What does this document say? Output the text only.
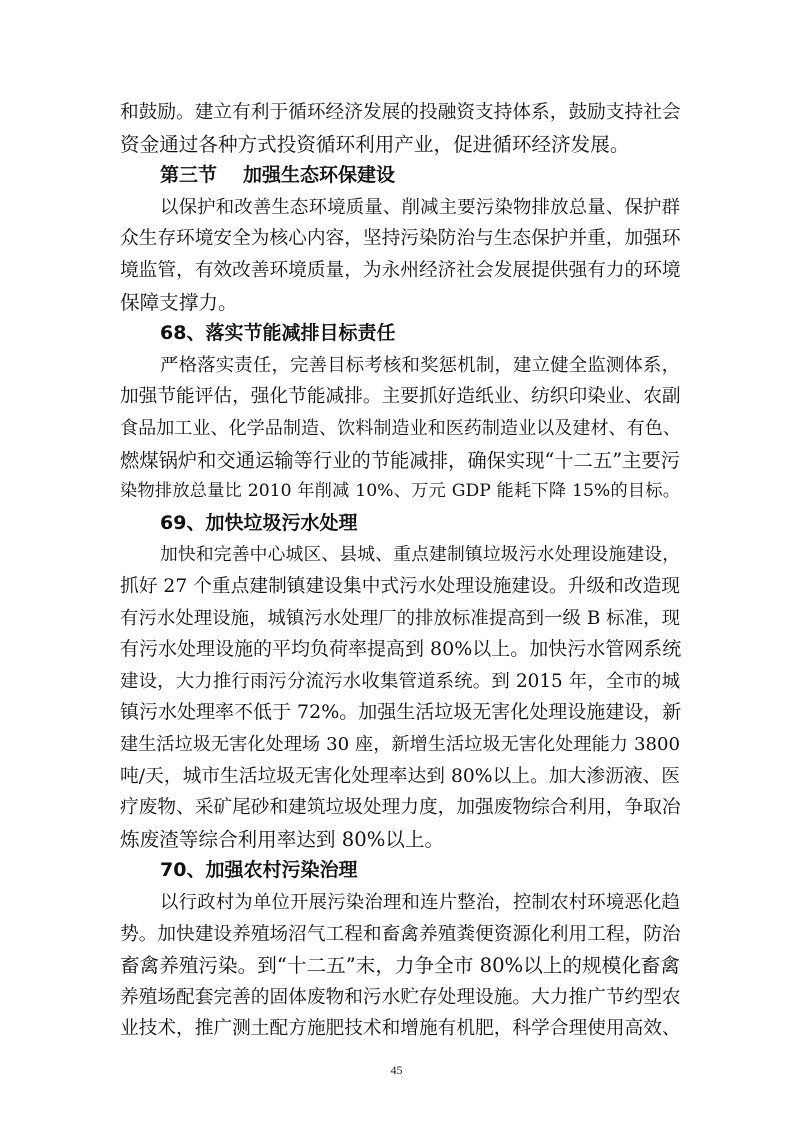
和鼓励。建立有利于循环经济发展的投融资支持体系，鼓励支持社会
资金通过各种方式投资循环利用产业，促进循环经济发展。
第三节 加强生态环保建设
以保护和改善生态环境质量、削减主要污染物排放总量、保护群
众生存环境安全为核心内容，坚持污染防治与生态保护并重，加强环
境监管，有效改善环境质量，为永州经济社会发展提供强有力的环境
保障支撑力。
68、落实节能减排目标责任
严格落实责任，完善目标考核和奖惩机制，建立健全监测体系，
加强节能评估，强化节能减排。主要抓好造纸业、纺织印染业、农副
食品加工业、化学品制造、饮料制造业和医药制造业以及建材、有色、
燃煤锅炉和交通运输等行业的节能减排，确保实现“十二五”主要污
染物排放总量比 2010 年削减 10%、万元 GDP 能耗下降 15%的目标。
69、加快垃圾污水处理
加快和完善中心城区、县城、重点建制镇垃圾污水处理设施建设，
抓好 27 个重点建制镇建设集中式污水处理设施建设。升级和改造现
有污水处理设施，城镇污水处理厂的排放标准提高到一级 B 标准，现
有污水处理设施的平均负荷率提高到 80%以上。加快污水管网系统
建设，大力推行雨污分流污水收集管道系统。到 2015 年，全市的城
镇污水处理率不低于 72%。加强生活垃圾无害化处理设施建设，新
建生活垃圾无害化处理场 30 座，新增生活垃圾无害化处理能力 3800
吨/天，城市生活垃圾无害化处理率达到 80%以上。加大渗沥液、医
疗废物、采矿尾砂和建筑垃圾处理力度，加强废物综合利用，争取冶
炼废渣等综合利用率达到 80%以上。
70、加强农村污染治理
以行政村为单位开展污染治理和连片整治，控制农村环境恶化趋
势。加快建设养殖场沼气工程和畜禽养殖粪便资源化利用工程，防治
畜禽养殖污染。到“十二五”末，力争全市 80%以上的规模化畜禽
养殖场配套完善的固体废物和污水贮存处理设施。大力推广节约型农
业技术，推广测土配方施肥技术和增施有机肥，科学合理使用高效、
45
